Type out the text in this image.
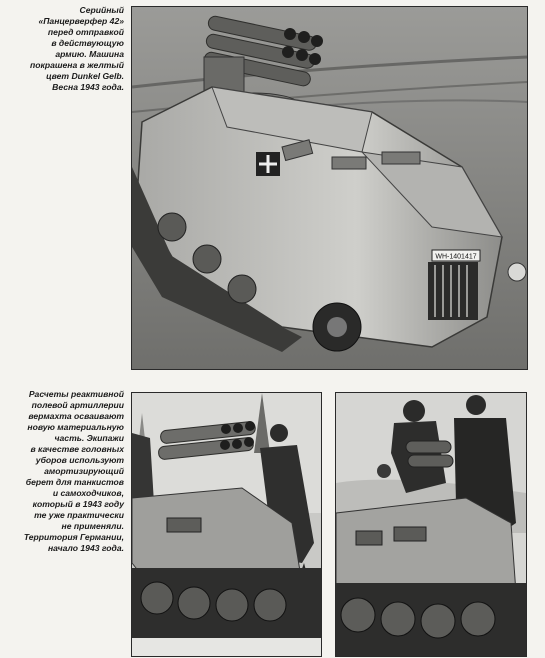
Серийный
«Панцерверфер 42»
перед отправкой
в действующую
армию. Машина
покрашена в желтый
цвет Dunkel Gelb.
Весна 1943 года.

WH-1401417

Расчеты реактивной
полевой артиллерии
вермахта осваивают
новую материальную
часть. Экипажи
в качестве головных
уборов используют
амортизирующий
берет для танкистов
и самоходчиков,
который в 1943 году
те уже практически
не применяли.
Территория Германии,
начало 1943 года.
